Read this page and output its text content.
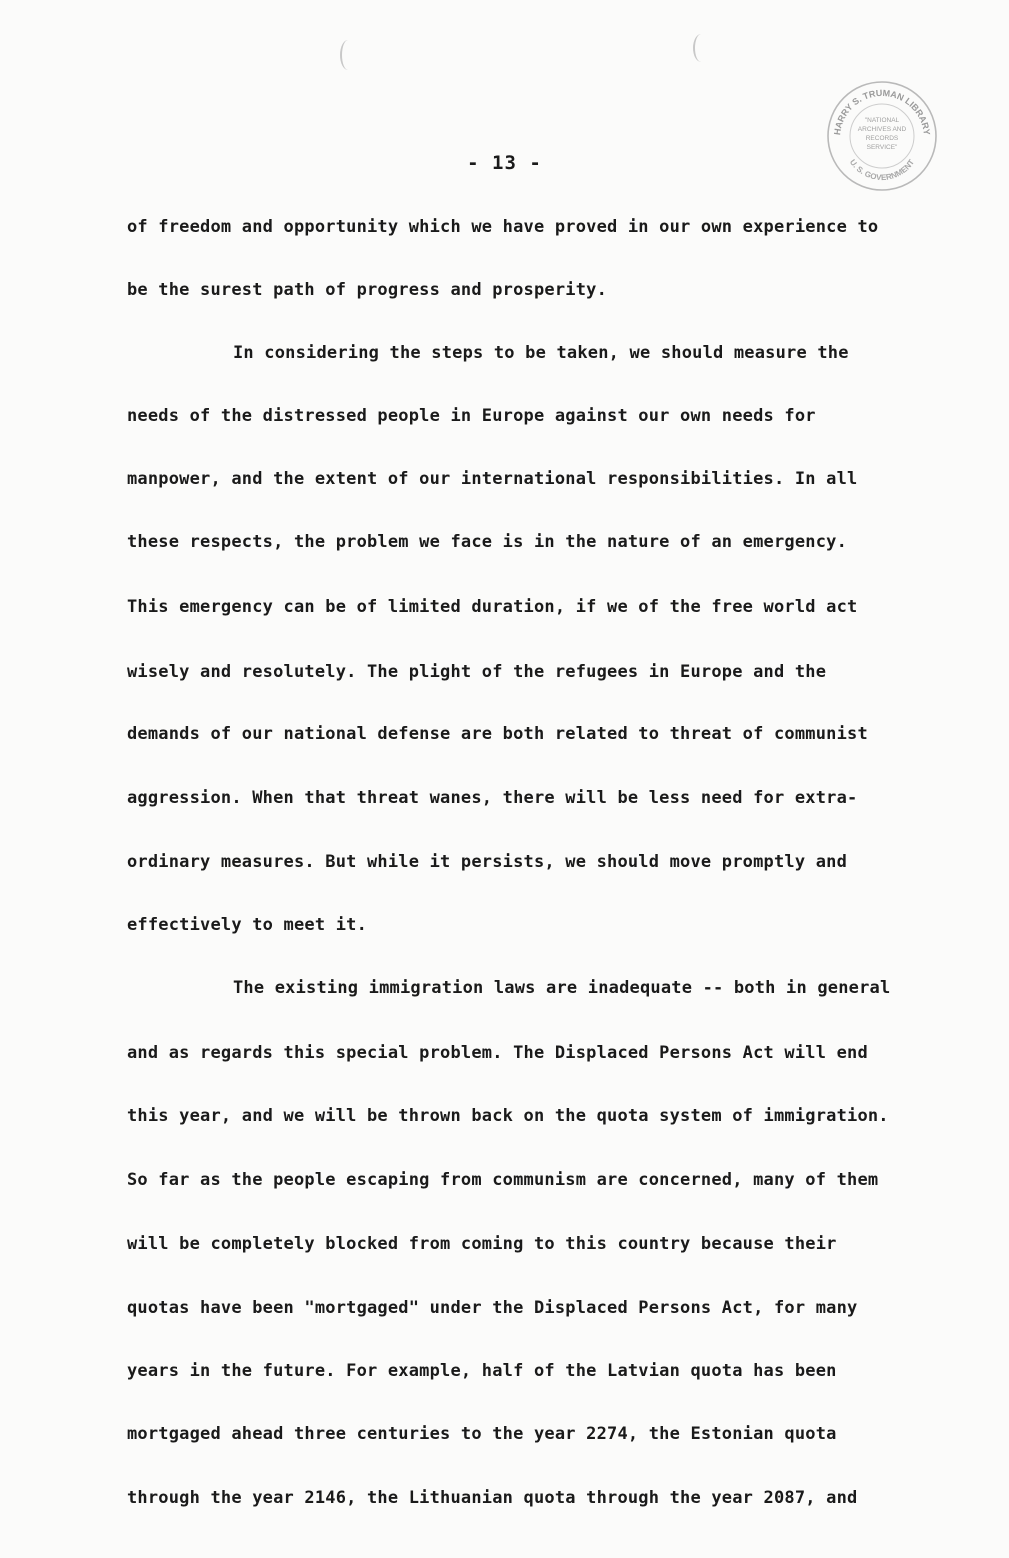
HARRY S. TRUMAN LIBRARY
U. S. GOVERNMENT
"NATIONAL
ARCHIVES AND
RECORDS
SERVICE"
- 13 -
of freedom and opportunity which we have proved in our own experience to
be the surest path of progress and prosperity.
In considering the steps to be taken, we should measure the
needs of the distressed people in Europe against our own needs for
manpower, and the extent of our international responsibilities. In all
these respects, the problem we face is in the nature of an emergency.
This emergency can be of limited duration, if we of the free world act
wisely and resolutely. The plight of the refugees in Europe and the
demands of our national defense are both related to threat of communist
aggression. When that threat wanes, there will be less need for extra-
ordinary measures. But while it persists, we should move promptly and
effectively to meet it.
The existing immigration laws are inadequate -- both in general
and as regards this special problem. The Displaced Persons Act will end
this year, and we will be thrown back on the quota system of immigration.
So far as the people escaping from communism are concerned, many of them
will be completely blocked from coming to this country because their
quotas have been "mortgaged" under the Displaced Persons Act, for many
years in the future. For example, half of the Latvian quota has been
mortgaged ahead three centuries to the year 2274, the Estonian quota
through the year 2146, the Lithuanian quota through the year 2087, and
